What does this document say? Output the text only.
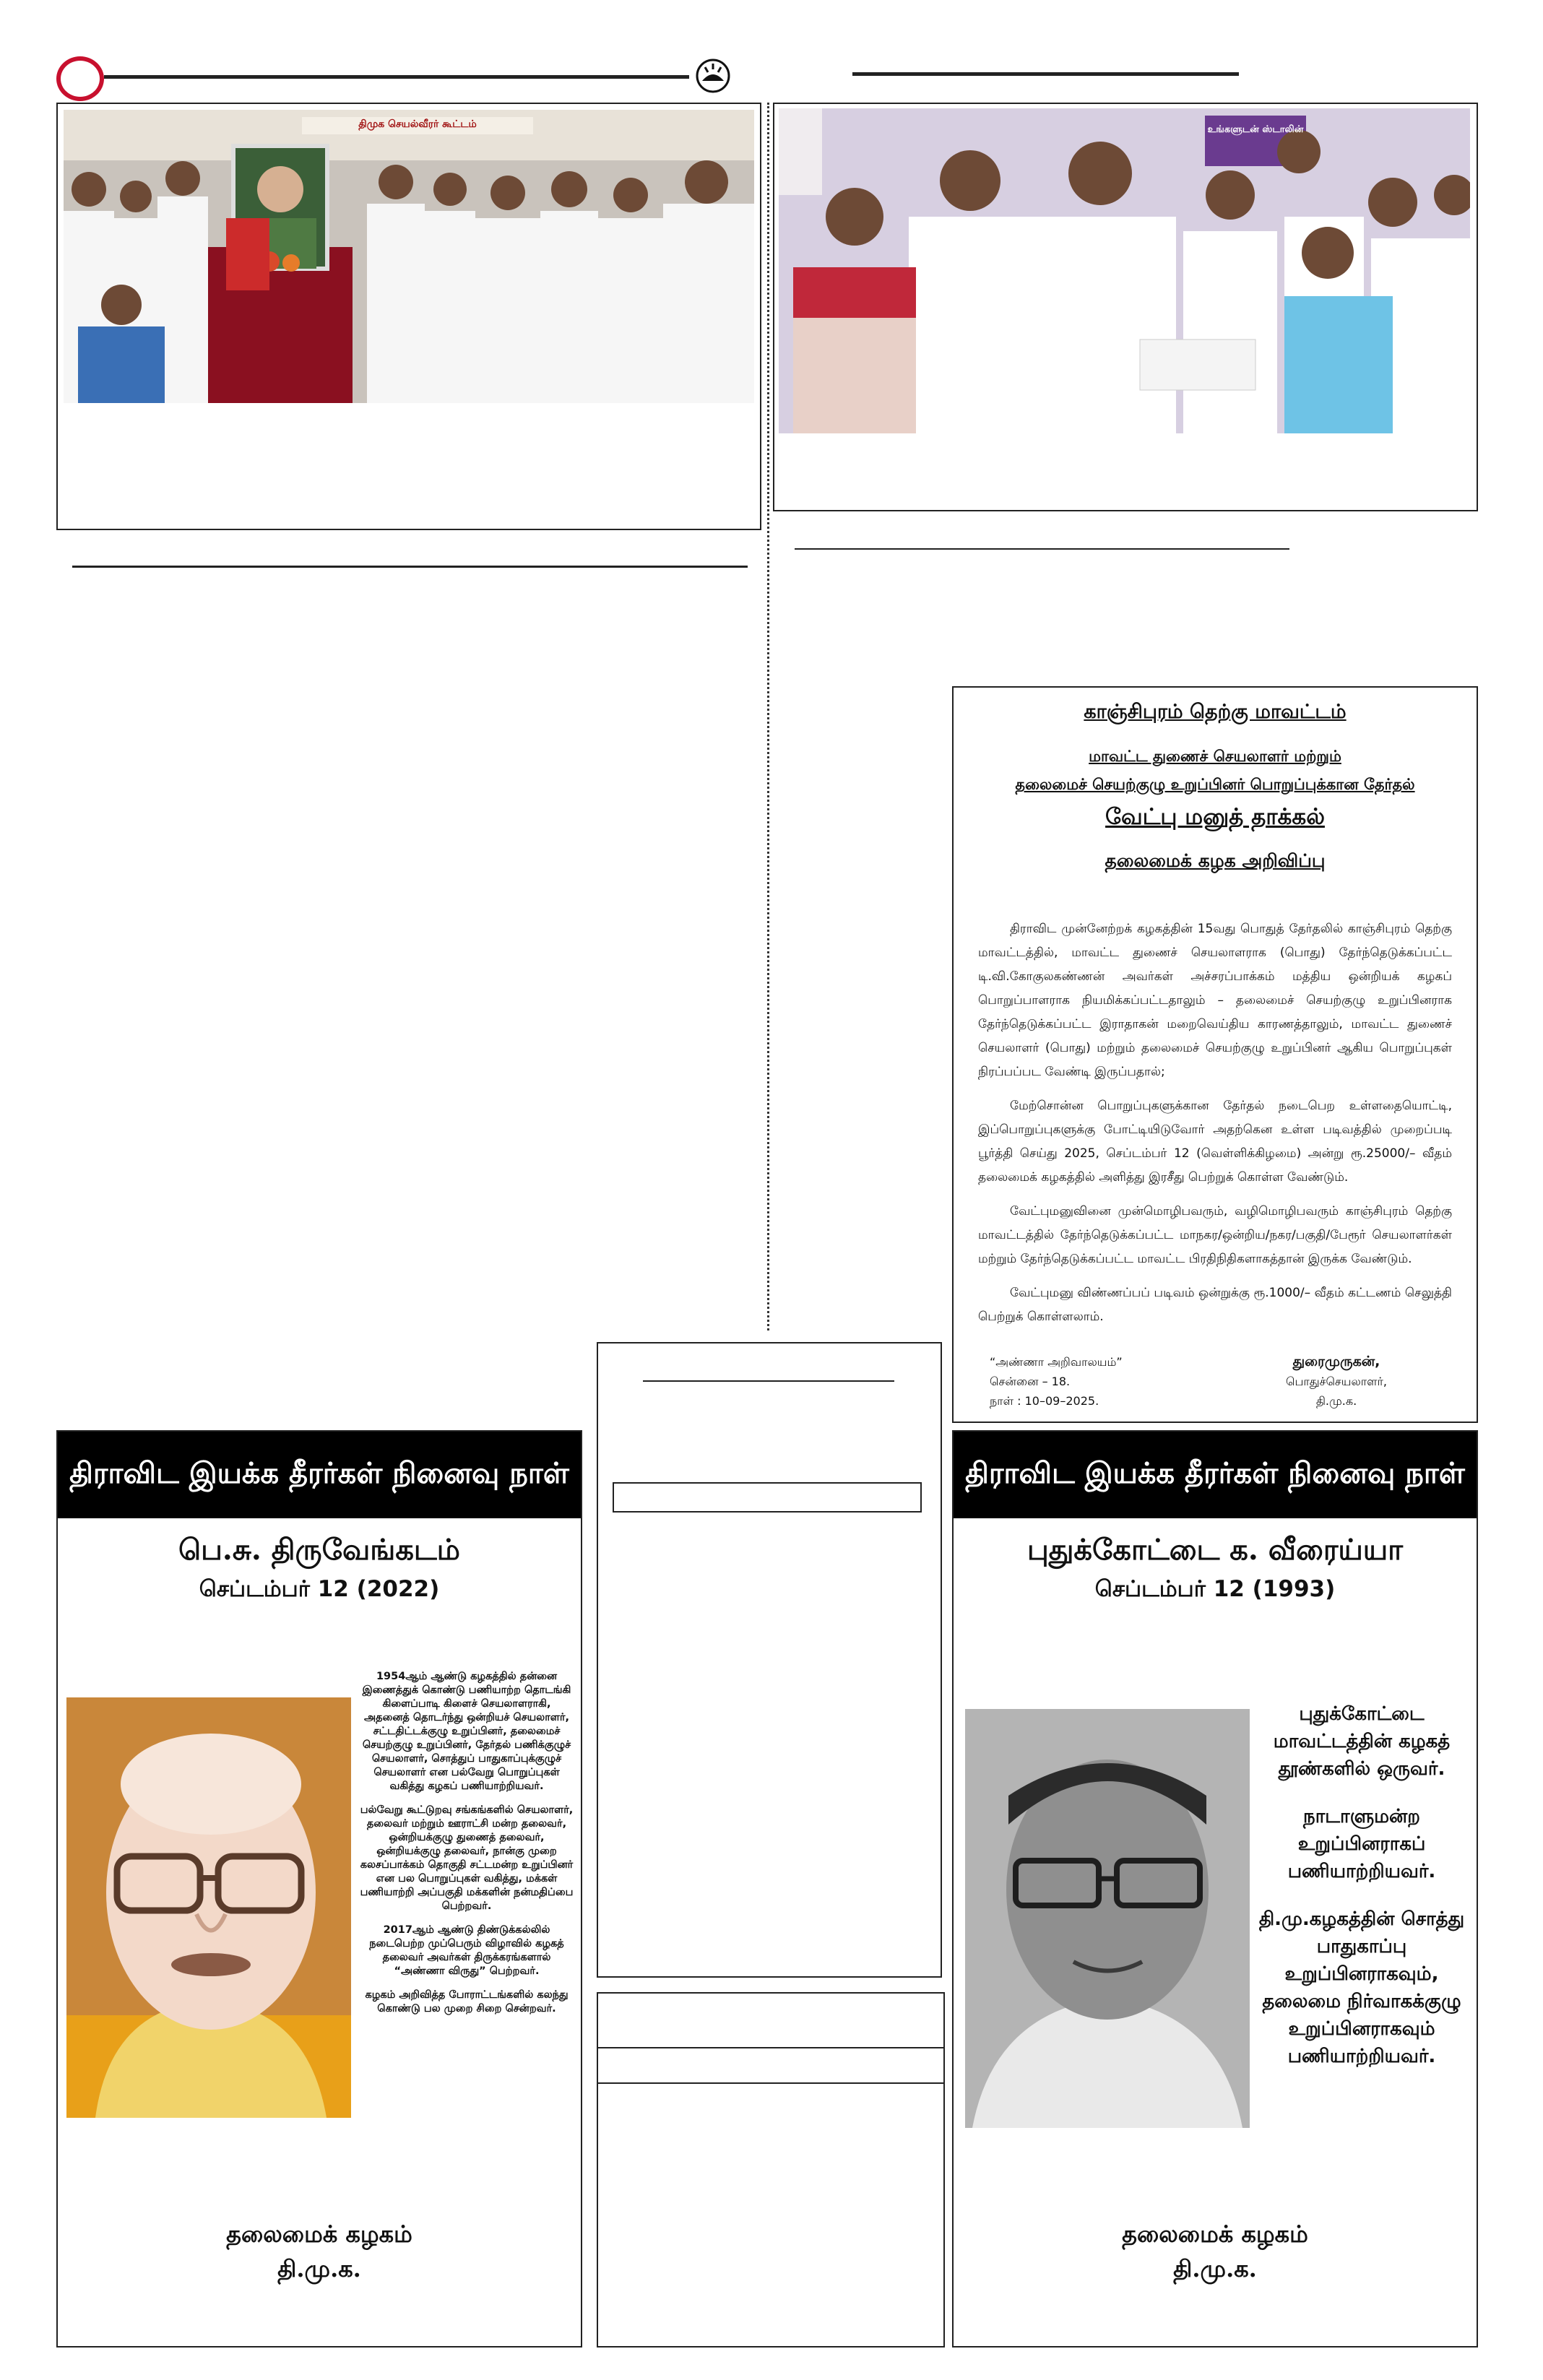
திமுக செயல்வீரர் கூட்டம்	உங்களுடன் ஸ்டாலின்
காஞ்சிபுரம் தெற்கு மாவட்டம்
மாவட்ட துணைச் செயலாளர் மற்றும்
தலைமைச் செயற்குழு உறுப்பினர் பொறுப்புக்கான தேர்தல்
வேட்பு மனுத் தாக்கல்
தலைமைக் கழக அறிவிப்பு

திராவிட முன்னேற்றக் கழகத்தின் 15வது பொதுத் தேர்தலில் காஞ்சிபுரம் தெற்கு மாவட்டத்தில், மாவட்ட துணைச் செயலாளராக (பொது) தேர்ந்தெடுக்கப்பட்ட டி.வி.கோகுலகண்ணன் அவர்கள் அச்சரப்பாக்கம் மத்திய ஒன்றியக் கழகப் பொறுப்பாளராக நியமிக்கப்பட்டதாலும் – தலைமைச் செயற்குழு உறுப்பினராக தேர்ந்தெடுக்கப்பட்ட இராதாகன் மறைவெய்திய காரணத்தாலும், மாவட்ட துணைச் செயலாளர் (பொது) மற்றும் தலைமைச் செயற்குழு உறுப்பினர் ஆகிய பொறுப்புகள் நிரப்பப்பட வேண்டி இருப்பதால்;

மேற்சொன்ன பொறுப்புகளுக்கான தேர்தல் நடைபெற உள்ளதையொட்டி, இப்பொறுப்புகளுக்கு போட்டியிடுவோர் அதற்கென உள்ள படிவத்தில் முறைப்படி பூர்த்தி செய்து 2025, செப்டம்பர் 12 (வெள்ளிக்கிழமை) அன்று ரூ.25000/– வீதம் தலைமைக் கழகத்தில் அளித்து இரசீது பெற்றுக் கொள்ள வேண்டும்.

வேட்புமனுவினை முன்மொழிபவரும், வழிமொழிபவரும் காஞ்சிபுரம் தெற்கு மாவட்டத்தில் தேர்ந்தெடுக்கப்பட்ட மாநகர/ஒன்றிய/நகர/பகுதி/பேரூர் செயலாளர்கள் மற்றும் தேர்ந்தெடுக்கப்பட்ட மாவட்ட பிரதிநிதிகளாகத்தான் இருக்க வேண்டும்.

வேட்புமனு விண்ணப்பப் படிவம் ஒன்றுக்கு ரூ.1000/– வீதம் கட்டணம் செலுத்தி பெற்றுக் கொள்ளலாம்.

“அண்ணா அறிவாலயம்”
சென்னை – 18.
நாள் : 10–09–2025.
துரைமுருகன்,
பொதுச்செயலாளர்,
தி.மு.க.
திராவிட இயக்க தீரர்கள் நினைவு நாள்
பெ.சு. திருவேங்கடம்
செப்டம்பர் 12 (2022)

1954ஆம் ஆண்டு கழகத்தில் தன்னை இணைத்துக் கொண்டு பணியாற்ற தொடங்கி கிளைப்பாடி கிளைச் செயலாளராகி, அதனைத் தொடர்ந்து ஒன்றியச் செயலாளர், சட்டதிட்டக்குழு உறுப்பினர், தலைமைச் செயற்குழு உறுப்பினர், தேர்தல் பணிக்குழுச் செயலாளர், சொத்துப் பாதுகாப்புக்குழுச் செயலாளர் என பல்வேறு பொறுப்புகள் வகித்து கழகப் பணியாற்றியவர்.

பல்வேறு கூட்டுறவு சங்கங்களில் செயலாளர், தலைவர் மற்றும் ஊராட்சி மன்ற தலைவர், ஒன்றியக்குழு துணைத் தலைவர், ஒன்றியக்குழு தலைவர், நான்கு முறை கலசப்பாக்கம் தொகுதி சட்டமன்ற உறுப்பினர் என பல பொறுப்புகள் வகித்து, மக்கள் பணியாற்றி அப்பகுதி மக்களின் நன்மதிப்பை பெற்றவர்.

2017ஆம் ஆண்டு திண்டுக்கல்லில் நடைபெற்ற முப்பெரும் விழாவில் கழகத் தலைவர் அவர்கள் திருக்கரங்களால் “அண்ணா விருது” பெற்றவர்.

கழகம் அறிவித்த போராட்டங்களில் கலந்து கொண்டு பல முறை சிறை சென்றவர்.

தலைமைக் கழகம்
தி.மு.க.
திராவிட இயக்க தீரர்கள் நினைவு நாள்
புதுக்கோட்டை க. வீரைய்யா
செப்டம்பர் 12 (1993)

புதுக்கோட்டை மாவட்டத்தின் கழகத் தூண்களில் ஒருவர்.

நாடாளுமன்ற உறுப்பினராகப் பணியாற்றியவர்.

தி.மு.கழகத்தின் சொத்து பாதுகாப்பு உறுப்பினராகவும், தலைமை நிர்வாகக்குழு உறுப்பினராகவும் பணியாற்றியவர்.

தலைமைக் கழகம்
தி.மு.க.
